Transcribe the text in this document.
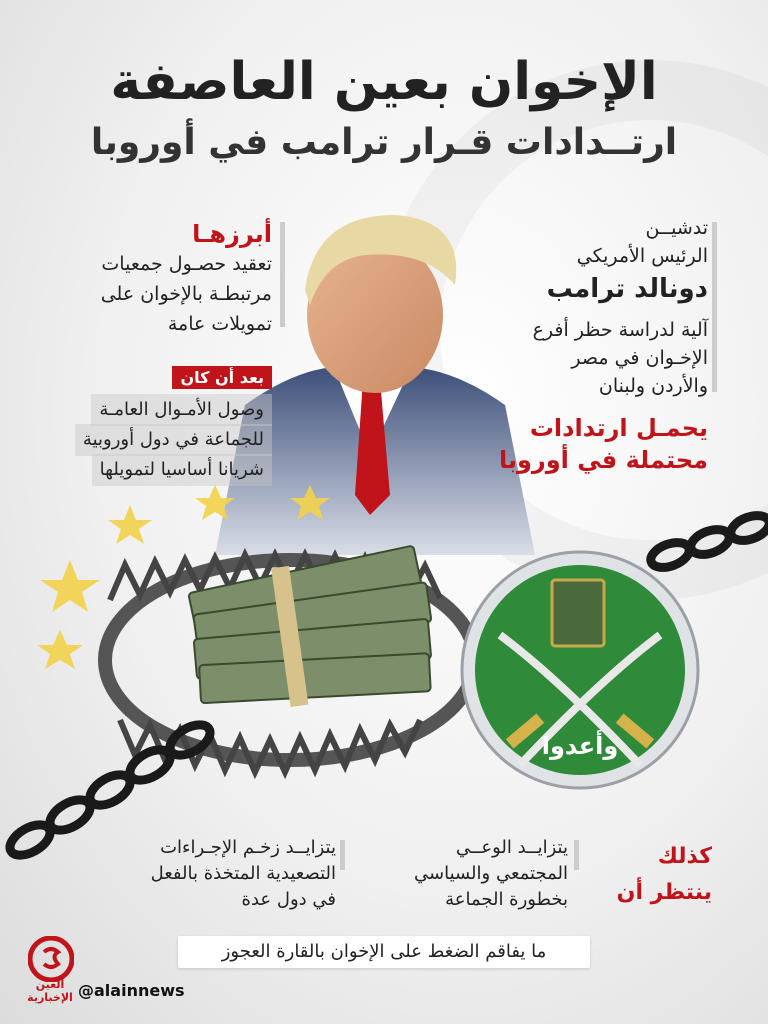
الإخوان بعين العاصفة
ارتــدادات قـرار ترامب في أوروبا
أبرزهـا
تعقيد حصـول جمعيات
مرتبطـة بالإخوان على
تمويلات عامة
بعد أن كان
وصول الأمـوال العامـة
للجماعة في دول أوروبية
شريانا أساسيا لتمويلها
تدشيــن
الرئيس الأمريكي
دونالد ترامب
آلية لدراسة حظر أفرع
الإخـوان في مصر
والأردن ولبنان
يحمـل ارتدادات
محتملة في أوروبا
وأعدوا
كذلك
ينتظر أن
يتزايــد الوعــي
المجتمعي والسياسي
بخطورة الجماعة
يتزايــد زخـم الإجـراءات
التصعيدية المتخذة بالفعل
في دول عدة
ما يفاقم الضغط على الإخوان بالقارة العجوز
العين الإخبارية @alainnews
